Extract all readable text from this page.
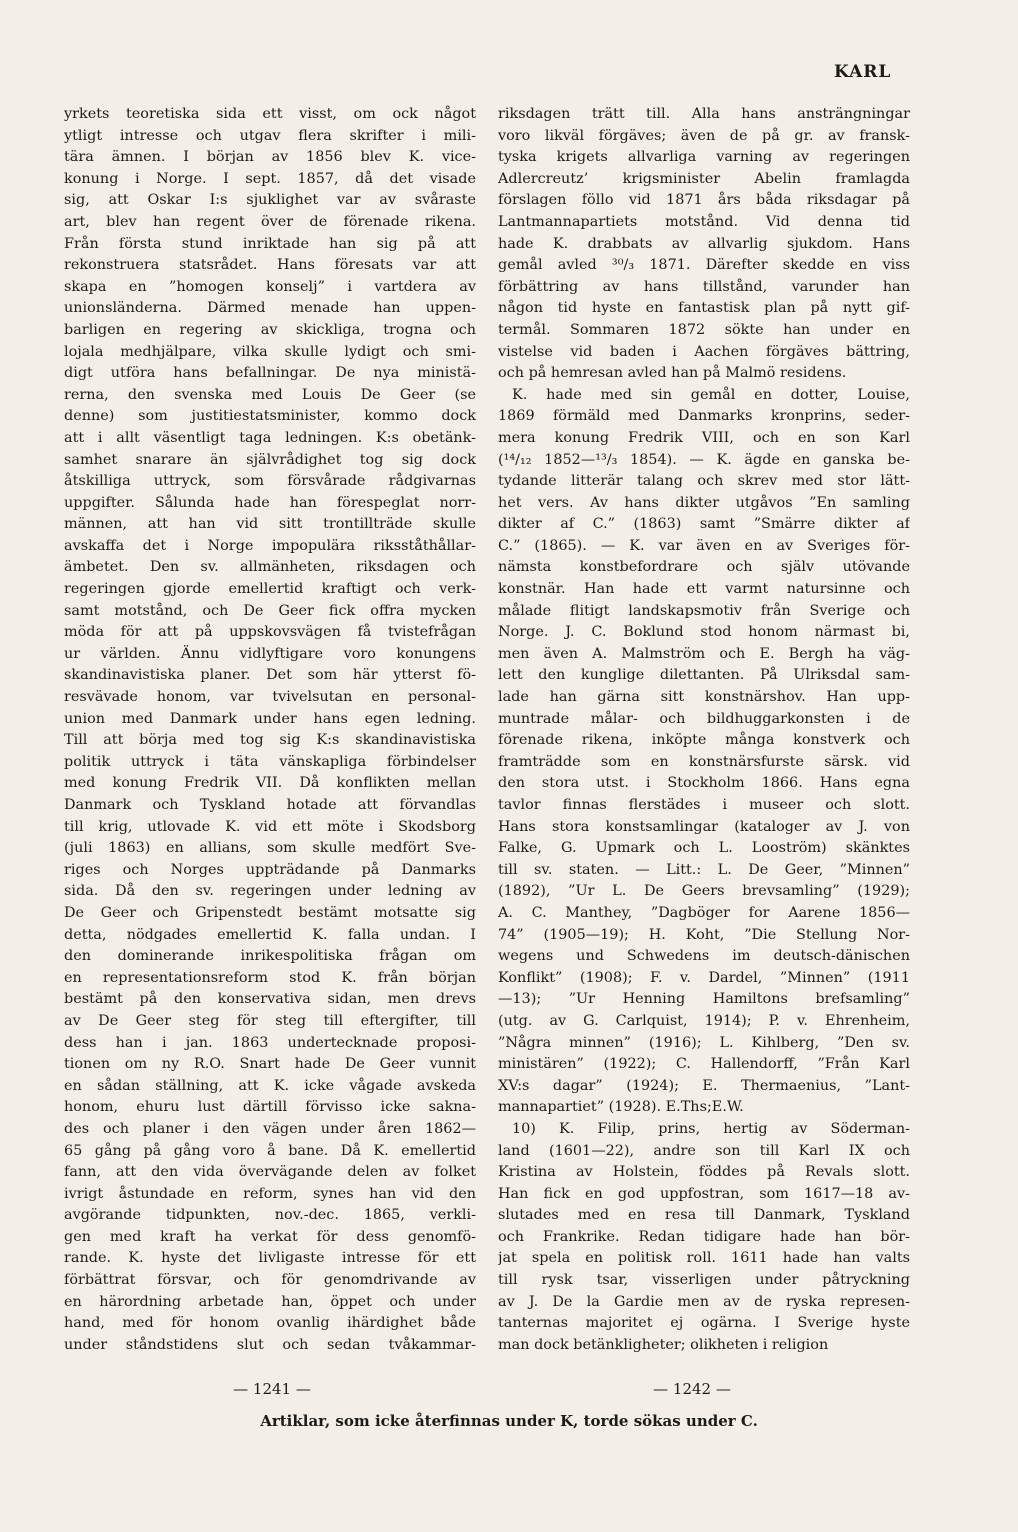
KARL
yrkets teoretiska sida ett visst, om ock något
ytligt intresse och utgav flera skrifter i mili-
tära ämnen. I början av 1856 blev K. vice-
konung i Norge. I sept. 1857, då det visade
sig, att Oskar I:s sjuklighet var av svåraste
art, blev han regent över de förenade rikena.
Från första stund inriktade han sig på att
rekonstruera statsrådet. Hans föresats var att
skapa en ”homogen konselj” i vartdera av
unionsländerna. Därmed menade han uppen-
barligen en regering av skickliga, trogna och
lojala medhjälpare, vilka skulle lydigt och smi-
digt utföra hans befallningar. De nya ministä-
rerna, den svenska med Louis De Geer (se
denne) som justitiestatsminister, kommo dock
att i allt väsentligt taga ledningen. K:s obetänk-
samhet snarare än självrådighet tog sig dock
åtskilliga uttryck, som försvårade rådgivarnas
uppgifter. Sålunda hade han förespeglat norr-
männen, att han vid sitt trontillträde skulle
avskaffa det i Norge impopulära riksståthållar-
ämbetet. Den sv. allmänheten, riksdagen och
regeringen gjorde emellertid kraftigt och verk-
samt motstånd, och De Geer fick offra mycken
möda för att på uppskovsvägen få tvistefrågan
ur världen. Ännu vidlyftigare voro konungens
skandinavistiska planer. Det som här ytterst fö-
resvävade honom, var tvivelsutan en personal-
union med Danmark under hans egen ledning.
Till att börja med tog sig K:s skandinavistiska
politik uttryck i täta vänskapliga förbindelser
med konung Fredrik VII. Då konflikten mellan
Danmark och Tyskland hotade att förvandlas
till krig, utlovade K. vid ett möte i Skodsborg
(juli 1863) en allians, som skulle medfört Sve-
riges och Norges uppträdande på Danmarks
sida. Då den sv. regeringen under ledning av
De Geer och Gripenstedt bestämt motsatte sig
detta, nödgades emellertid K. falla undan. I
den dominerande inrikespolitiska frågan om
en representationsreform stod K. från början
bestämt på den konservativa sidan, men drevs
av De Geer steg för steg till eftergifter, till
dess han i jan. 1863 undertecknade proposi-
tionen om ny R.O. Snart hade De Geer vunnit
en sådan ställning, att K. icke vågade avskeda
honom, ehuru lust därtill förvisso icke sakna-
des och planer i den vägen under åren 1862—
65 gång på gång voro å bane. Då K. emellertid
fann, att den vida övervägande delen av folket
ivrigt åstundade en reform, synes han vid den
avgörande tidpunkten, nov.-dec. 1865, verkli-
gen med kraft ha verkat för dess genomfö-
rande. K. hyste det livligaste intresse för ett
förbättrat försvar, och för genomdrivande av
en härordning arbetade han, öppet och under
hand, med för honom ovanlig ihärdighet både
under ståndstidens slut och sedan tvåkammar-
riksdagen trätt till. Alla hans ansträngningar
voro likväl förgäves; även de på gr. av fransk-
tyska krigets allvarliga varning av regeringen
Adlercreutz’ krigsminister Abelin framlagda
förslagen föllo vid 1871 års båda riksdagar på
Lantmannapartiets motstånd. Vid denna tid
hade K. drabbats av allvarlig sjukdom. Hans
gemål avled ³⁰/₃ 1871. Därefter skedde en viss
förbättring av hans tillstånd, varunder han
någon tid hyste en fantastisk plan på nytt gif-
termål. Sommaren 1872 sökte han under en
vistelse vid baden i Aachen förgäves bättring,
och på hemresan avled han på Malmö residens.
K. hade med sin gemål en dotter, Louise,
1869 förmäld med Danmarks kronprins, seder-
mera konung Fredrik VIII, och en son Karl
(¹⁴/₁₂ 1852—¹³/₃ 1854). — K. ägde en ganska be-
tydande litterär talang och skrev med stor lätt-
het vers. Av hans dikter utgåvos ”En samling
dikter af C.” (1863) samt ”Smärre dikter af
C.” (1865). — K. var även en av Sveriges för-
nämsta konstbefordrare och själv utövande
konstnär. Han hade ett varmt natursinne och
målade flitigt landskapsmotiv från Sverige och
Norge. J. C. Boklund stod honom närmast bi,
men även A. Malmström och E. Bergh ha väg-
lett den kunglige dilettanten. På Ulriksdal sam-
lade han gärna sitt konstnärshov. Han upp-
muntrade målar- och bildhuggarkonsten i de
förenade rikena, inköpte många konstverk och
framträdde som en konstnärsfurste särsk. vid
den stora utst. i Stockholm 1866. Hans egna
tavlor finnas flerstädes i museer och slott.
Hans stora konstsamlingar (kataloger av J. von
Falke, G. Upmark och L. Looström) skänktes
till sv. staten. — Litt.: L. De Geer, ”Minnen”
(1892), ”Ur L. De Geers brevsamling” (1929);
A. C. Manthey, ”Dagböger for Aarene 1856—
74” (1905—19); H. Koht, ”Die Stellung Nor-
wegens und Schwedens im deutsch-dänischen
Konflikt” (1908); F. v. Dardel, ”Minnen” (1911
—13); ”Ur Henning Hamiltons brefsamling”
(utg. av G. Carlquist, 1914); P. v. Ehrenheim,
”Några minnen” (1916); L. Kihlberg, ”Den sv.
ministären” (1922); C. Hallendorff, ”Från Karl
XV:s dagar” (1924); E. Thermaenius, ”Lant-
mannapartiet” (1928). E.Ths;E.W.
10) K. Filip, prins, hertig av Söderman-
land (1601—22), andre son till Karl IX och
Kristina av Holstein, föddes på Revals slott.
Han fick en god uppfostran, som 1617—18 av-
slutades med en resa till Danmark, Tyskland
och Frankrike. Redan tidigare hade han bör-
jat spela en politisk roll. 1611 hade han valts
till rysk tsar, visserligen under påtryckning
av J. De la Gardie men av de ryska represen-
tanternas majoritet ej ogärna. I Sverige hyste
man dock betänkligheter; olikheten i religion
— 1241 —	— 1242 —
Artiklar, som icke återfinnas under K, torde sökas under C.
